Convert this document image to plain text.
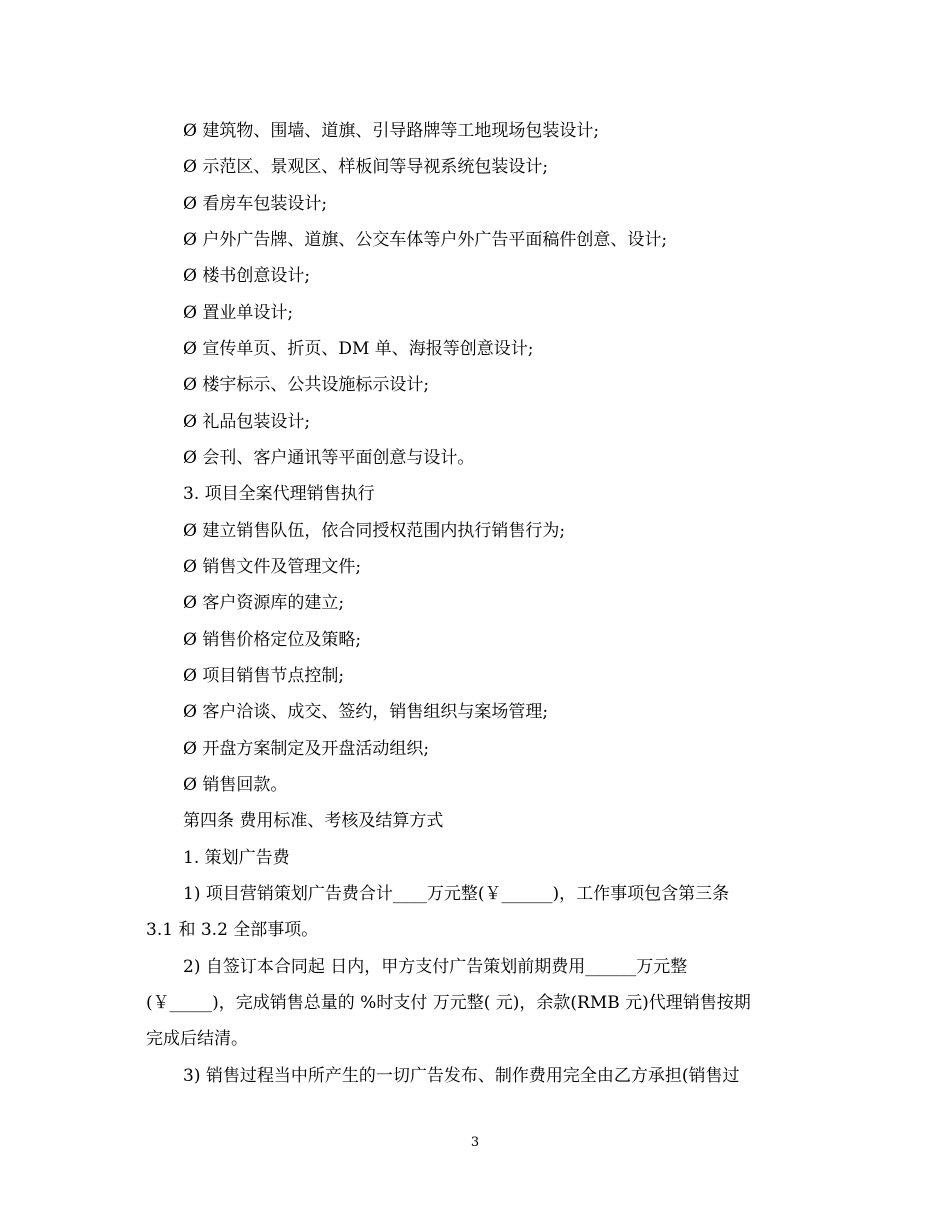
Ø 建筑物、围墙、道旗、引导路牌等工地现场包装设计;
Ø 示范区、景观区、样板间等导视系统包装设计;
Ø 看房车包装设计;
Ø 户外广告牌、道旗、公交车体等户外广告平面稿件创意、设计;
Ø 楼书创意设计;
Ø 置业单设计;
Ø 宣传单页、折页、DM 单、海报等创意设计;
Ø 楼宇标示、公共设施标示设计;
Ø 礼品包装设计;
Ø 会刊、客户通讯等平面创意与设计。
3. 项目全案代理销售执行
Ø 建立销售队伍，依合同授权范围内执行销售行为;
Ø 销售文件及管理文件;
Ø 客户资源库的建立;
Ø 销售价格定位及策略;
Ø 项目销售节点控制;
Ø 客户洽谈、成交、签约，销售组织与案场管理;
Ø 开盘方案制定及开盘活动组织;
Ø 销售回款。
第四条 费用标准、考核及结算方式
1. 策划广告费
1) 项目营销策划广告费合计____万元整(￥______)，工作事项包含第三条
3.1 和 3.2 全部事项。
2) 自签订本合同起 日内，甲方支付广告策划前期费用______万元整
(￥_____)，完成销售总量的 %时支付 万元整( 元)，余款(RMB 元)代理销售按期
完成后结清。
3) 销售过程当中所产生的一切广告发布、制作费用完全由乙方承担(销售过
3
